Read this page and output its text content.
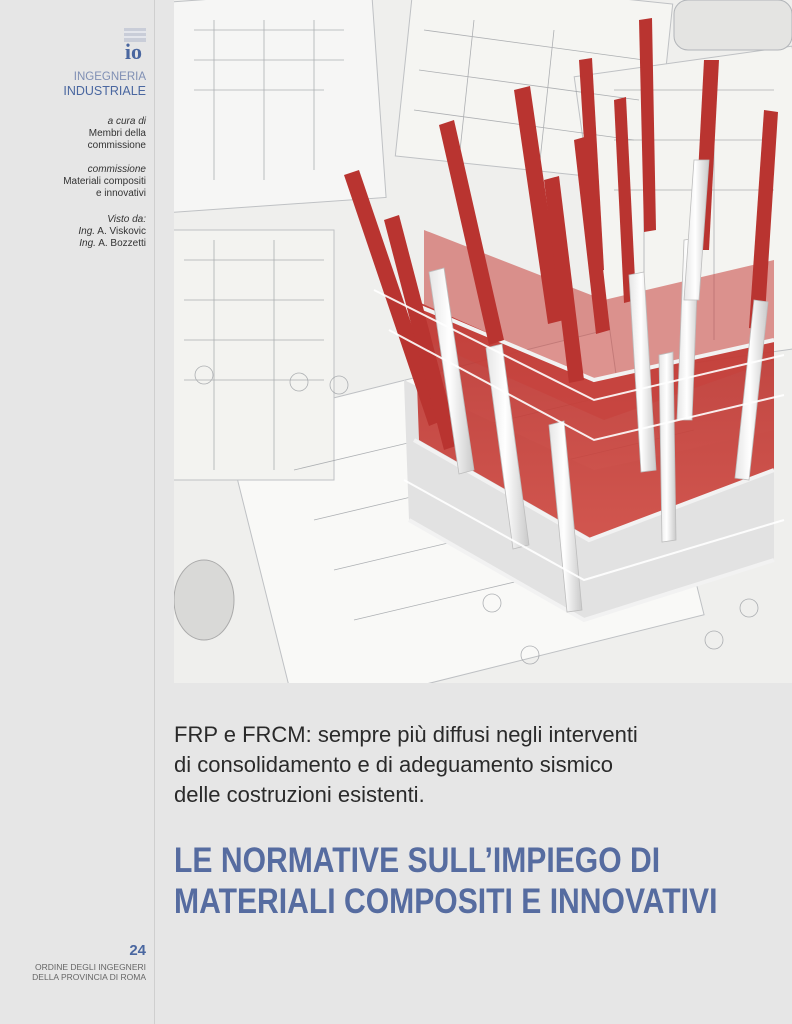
io
INGEGNERIA
INDUSTRIALE
a cura di
Membri della
commissione
commissione
Materiali compositi
e innovativi
Visto da:
Ing. A. Viskovic
Ing. A. Bozzetti
24
ORDINE DEGLI INGEGNERI
DELLA PROVINCIA DI ROMA
FRP e FRCM: sempre più diffusi negli interventi
di consolidamento e di adeguamento sismico
delle costruzioni esistenti.
LE NORMATIVE SULL’IMPIEGO DI
MATERIALI COMPOSITI E INNOVATIVI
